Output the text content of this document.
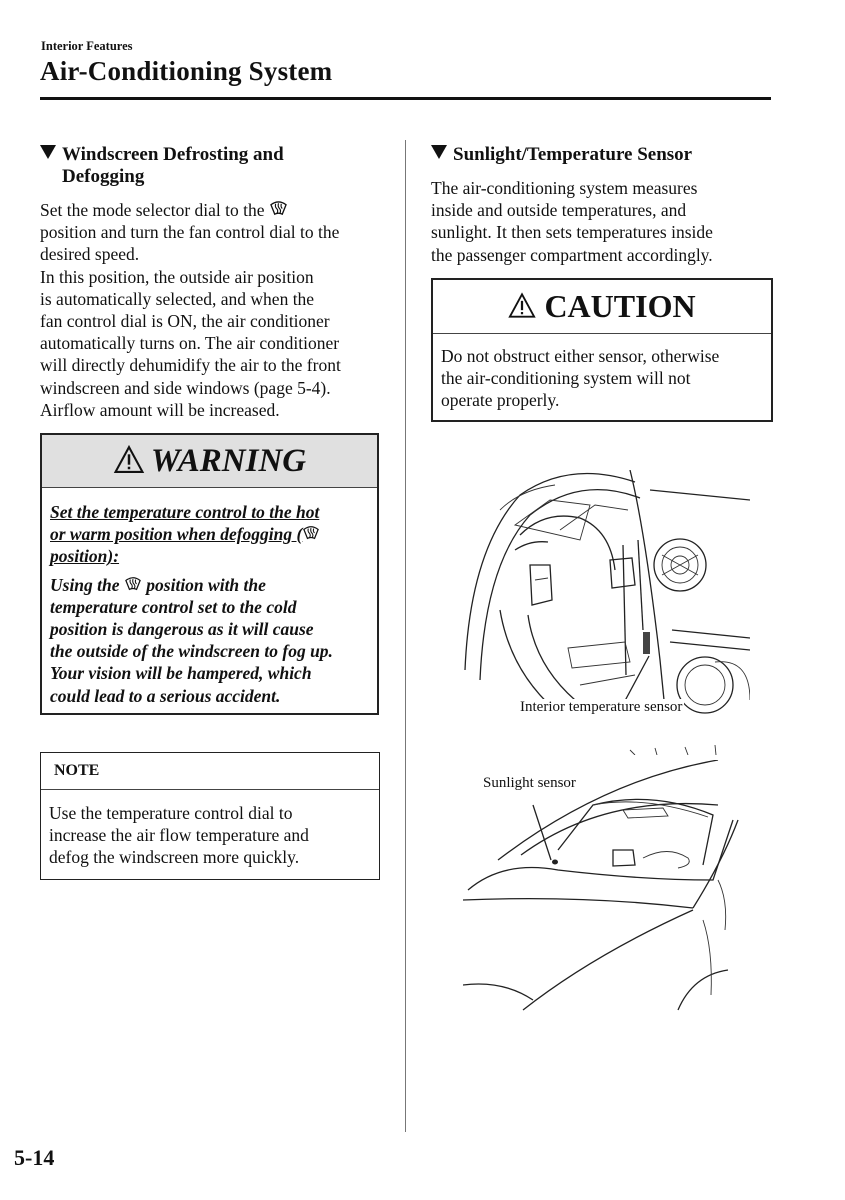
Interior Features
Air-Conditioning System
Windscreen Defrosting and
Defogging
Set the mode selector dial to the
position and turn the fan control dial to the
desired speed.
In this position, the outside air position
is automatically selected, and when the
fan control dial is ON, the air conditioner
automatically turns on. The air conditioner
will directly dehumidify the air to the front
windscreen and side windows (page 5-4).
Airflow amount will be increased.
WARNING
Set the temperature control to the hot
or warm position when defogging (
position):
Using the position with the
temperature control set to the cold
position is dangerous as it will cause
the outside of the windscreen to fog up.
Your vision will be hampered, which
could lead to a serious accident.
NOTE
Use the temperature control dial to
increase the air flow temperature and
defog the windscreen more quickly.
Sunlight/Temperature Sensor
The air-conditioning system measures
inside and outside temperatures, and
sunlight. It then sets temperatures inside
the passenger compartment accordingly.
CAUTION
Do not obstruct either sensor, otherwise
the air-conditioning system will not
operate properly.
Interior temperature sensor
Sunlight sensor
5-14
